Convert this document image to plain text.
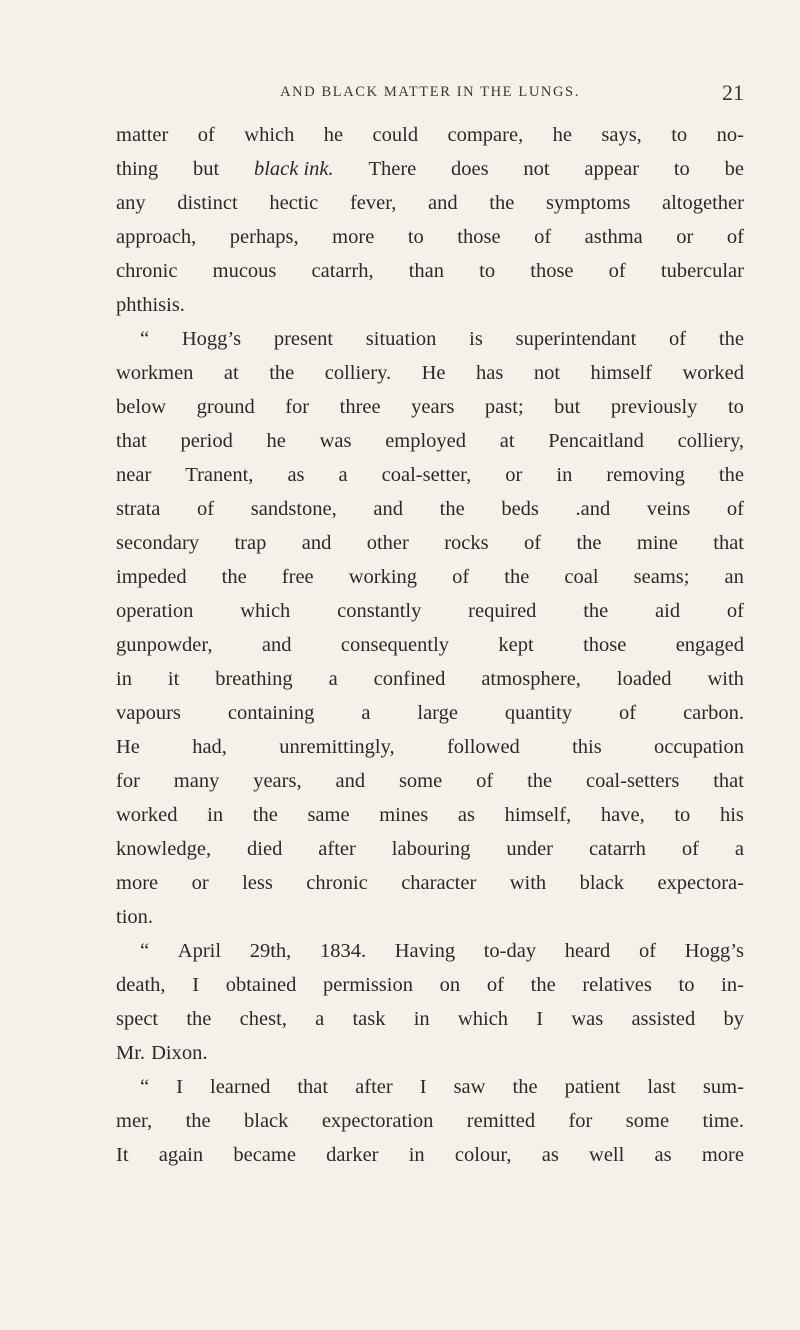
AND BLACK MATTER IN THE LUNGS.	21
matter of which he could compare, he says, to no-
thing but black ink. There does not appear to be
any distinct hectic fever, and the symptoms altogether
approach, perhaps, more to those of asthma or of
chronic mucous catarrh, than to those of tubercular
phthisis.
“ Hogg’s present situation is superintendant of the
workmen at the colliery. He has not himself worked
below ground for three years past; but previously to
that period he was employed at Pencaitland colliery,
near Tranent, as a coal-setter, or in removing the
strata of sandstone, and the beds .and veins of
secondary trap and other rocks of the mine that
impeded the free working of the coal seams; an
operation which constantly required the aid of
gunpowder, and consequently kept those engaged
in it breathing a confined atmosphere, loaded with
vapours containing a large quantity of carbon.
He	had,	unremittingly,	followed	this	occupation
for many years, and some of the coal-setters that
worked in the same mines as himself, have, to his
knowledge, died after labouring under catarrh of a
more or less chronic character with black expectora-
tion.
“ April 29th, 1834. Having to-day heard of Hogg’s
death, I obtained permission on of the relatives to in-
spect the chest, a task in which I was assisted by
Mr. Dixon.
“ I learned that after I saw the patient last sum-
mer, the black expectoration remitted for some time.
It again became darker in colour, as well as more
